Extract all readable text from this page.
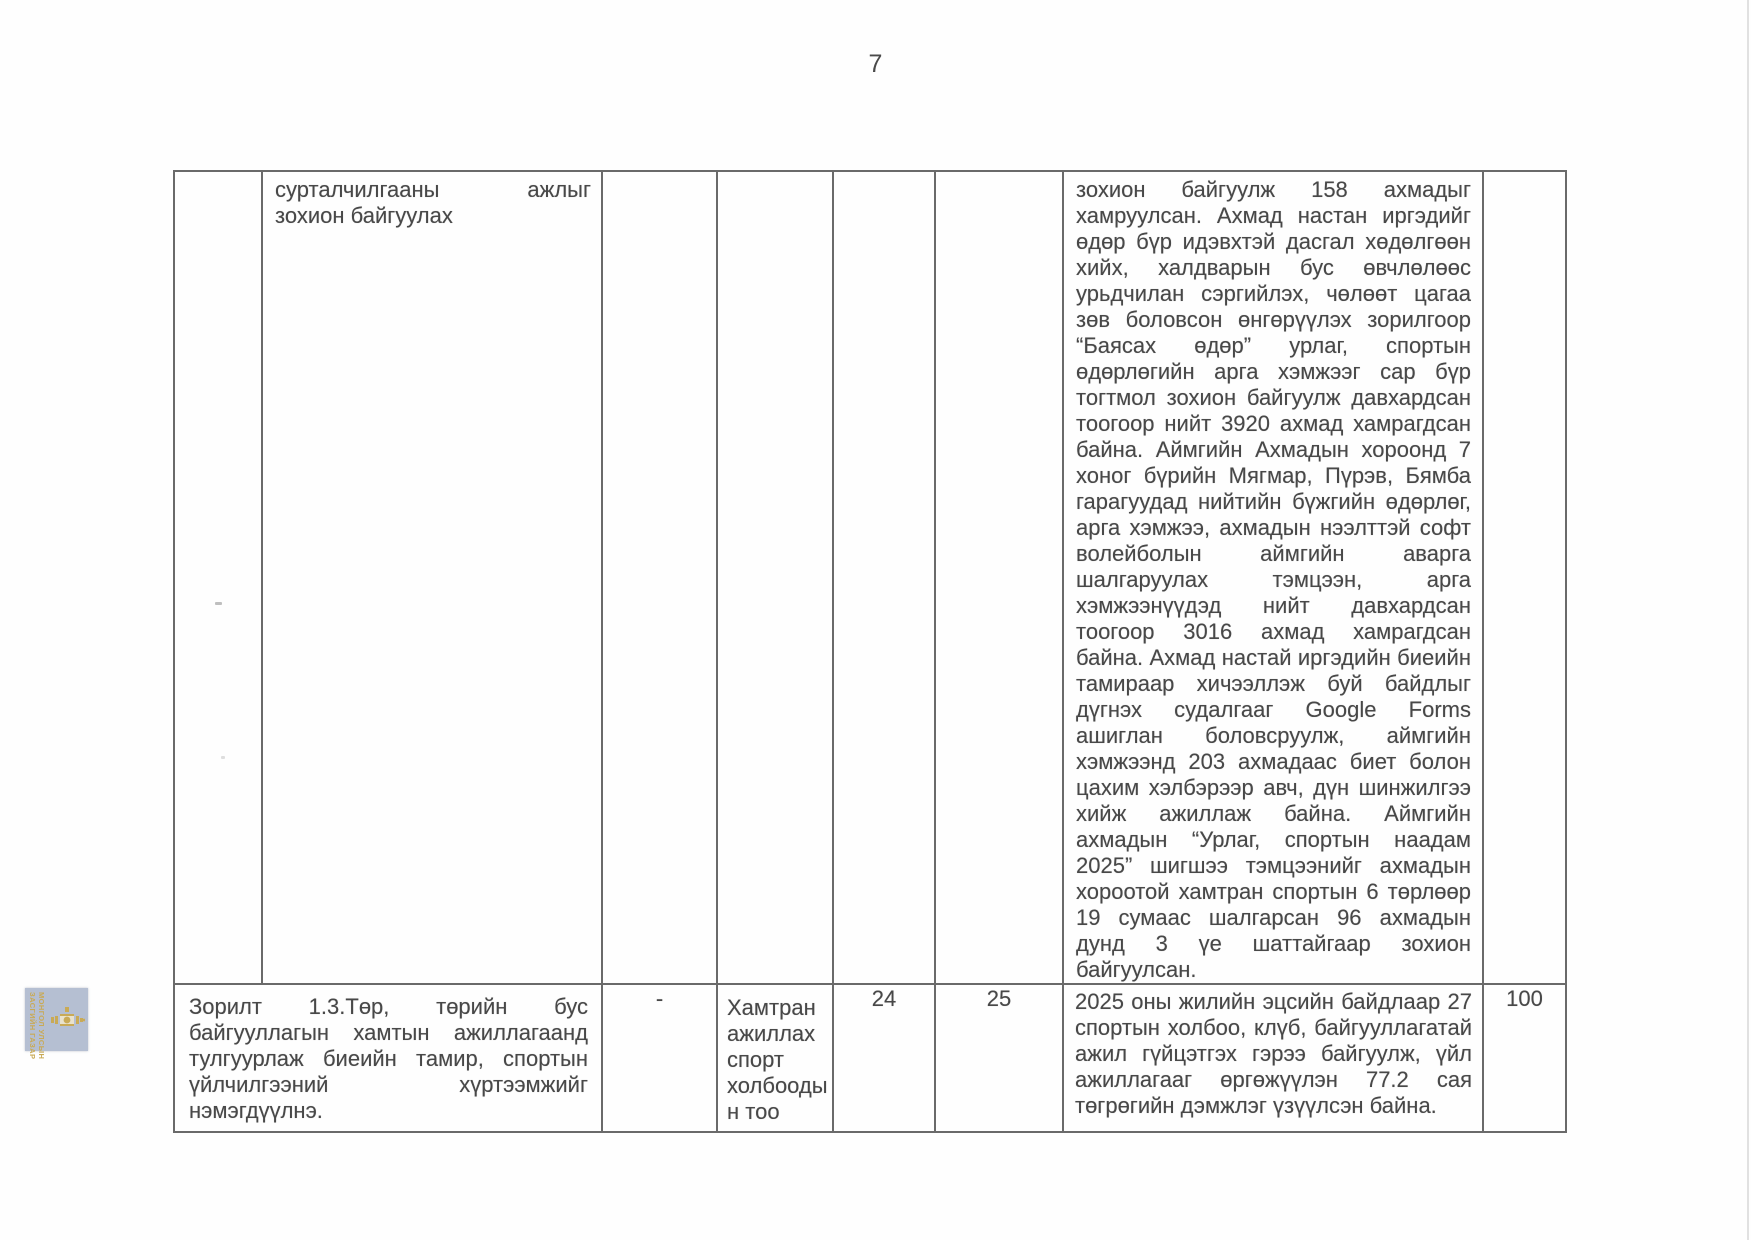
7

	сурталчилгааны ажлыг
зохион байгуулах					зохион байгуулж 158 ахмадыг хамруулсан. Ахмад настан иргэдийг өдөр бүр идэвхтэй дасгал хөдөлгөөн хийх, халдварын бус өвчлөлөөс урьдчилан сэргийлэх, чөлөөт цагаа зөв боловсон өнгөрүүлэх зорилгоор “Баясах өдөр” урлаг, спортын өдөрлөгийн арга хэмжээг сар бүр тогтмол зохион байгуулж давхардсан тоогоор нийт 3920 ахмад хамрагдсан байна. Аймгийн Ахмадын хороонд 7 хоног бүрийн Мягмар, Пүрэв, Бямба гарагуудад нийтийн бүжгийн өдөрлөг, арга хэмжээ, ахмадын нээлттэй софт волейболын аймгийн аварга шалгаруулах тэмцээн, арга хэмжээнүүдэд нийт давхардсан тоогоор 3016 ахмад хамрагдсан байна. Ахмад настай иргэдийн биеийн тамираар хичээллэж буй байдлыг дүгнэх судалгааг Google Forms ашиглан боловсруулж, аймгийн хэмжээнд 203 ахмадаас биет болон цахим хэлбэрээр авч, дүн шинжилгээ хийж ажиллаж байна. Аймгийн ахмадын “Урлаг, спортын наадам 2025” шигшээ тэмцээнийг ахмадын хороотой хамтран спортын 6 төрлөөр 19 сумаас шалгарсан 96 ахмадын дунд 3 үе шаттайгаар зохион байгуулсан.	
Зорилт 1.3.Төр, төрийн бус байгууллагын хамтын ажиллагаанд тулгуурлаж биеийн тамир, спортын үйлчилгээний хүртээмжийг нэмэгдүүлнэ.		-	Хамтран ажиллах спорт холбоодын тоо	24	25	2025 оны жилийн эцсийн байдлаар 27 спортын холбоо, клүб, байгууллагатай ажил гүйцэтгэх гэрээ байгуулж, үйл ажиллагааг өргөжүүлэн 77.2 сая төгрөгийн дэмжлэг үзүүлсэн байна.	100
МОНГОЛ УЛСЫН
ЗАСГИЙН ГАЗАР
